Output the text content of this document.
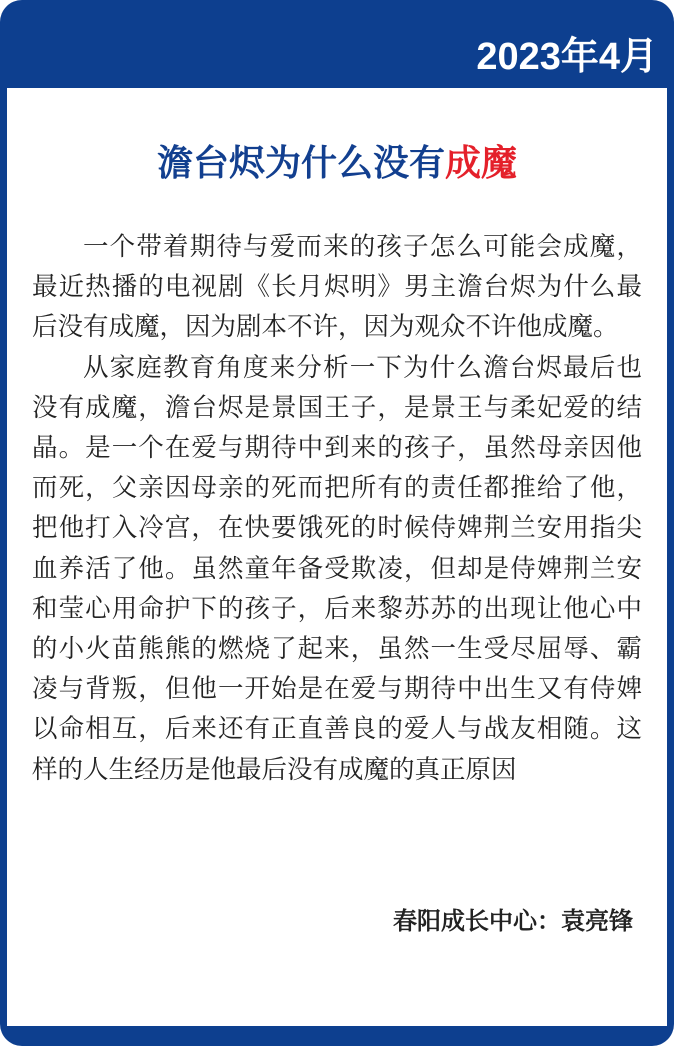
2023年4月
澹台烬为什么没有成魔

一个带着期待与爱而来的孩子怎么可能会成魔，最近热播的电视剧《长月烬明》男主澹台烬为什么最后没有成魔，因为剧本不许，因为观众不许他成魔。

从家庭教育角度来分析一下为什么澹台烬最后也没有成魔，澹台烬是景国王子，是景王与柔妃爱的结晶。是一个在爱与期待中到来的孩子，虽然母亲因他而死，父亲因母亲的死而把所有的责任都推给了他，把他打入冷宫，在快要饿死的时候侍婢荆兰安用指尖血养活了他。虽然童年备受欺凌，但却是侍婢荆兰安和莹心用命护下的孩子，后来黎苏苏的出现让他心中的小火苗熊熊的燃烧了起来，虽然一生受尽屈辱、霸凌与背叛，但他一开始是在爱与期待中出生又有侍婢以命相互，后来还有正直善良的爱人与战友相随。这样的人生经历是他最后没有成魔的真正原因

春阳成长中心：袁亮锋
